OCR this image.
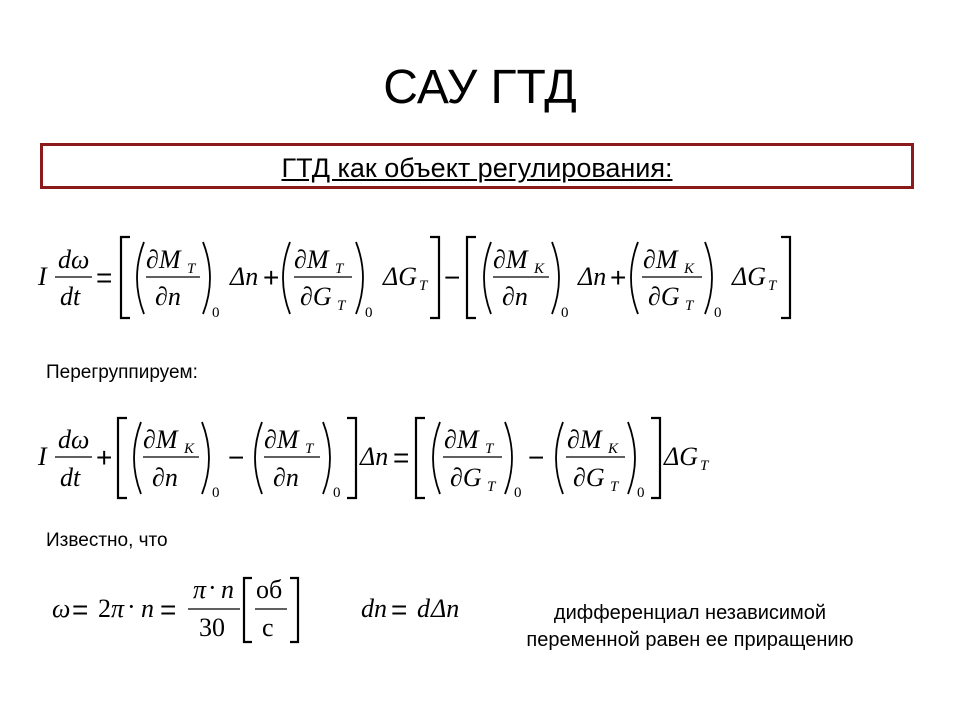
САУ ГТД
ГТД как объект регулирования:
Перегруппируем:
Известно, что
дифференциал независимой
переменной равен ее приращению
I
dω
dt
=
∂M T
∂n
0
Δn +
∂M T
∂G T 0
ΔG T −
∂M K
∂n
0
Δn +
∂M K
∂G T 0
ΔG T
I
dω
dt
+
∂M K
∂n
0
−
∂M T
∂n
0
Δn =
∂M T
∂G T 0
−
∂M K
∂G T 0
ΔG T
ω = 2 π · n =
π · n
30
об
с
dn = d Δn
